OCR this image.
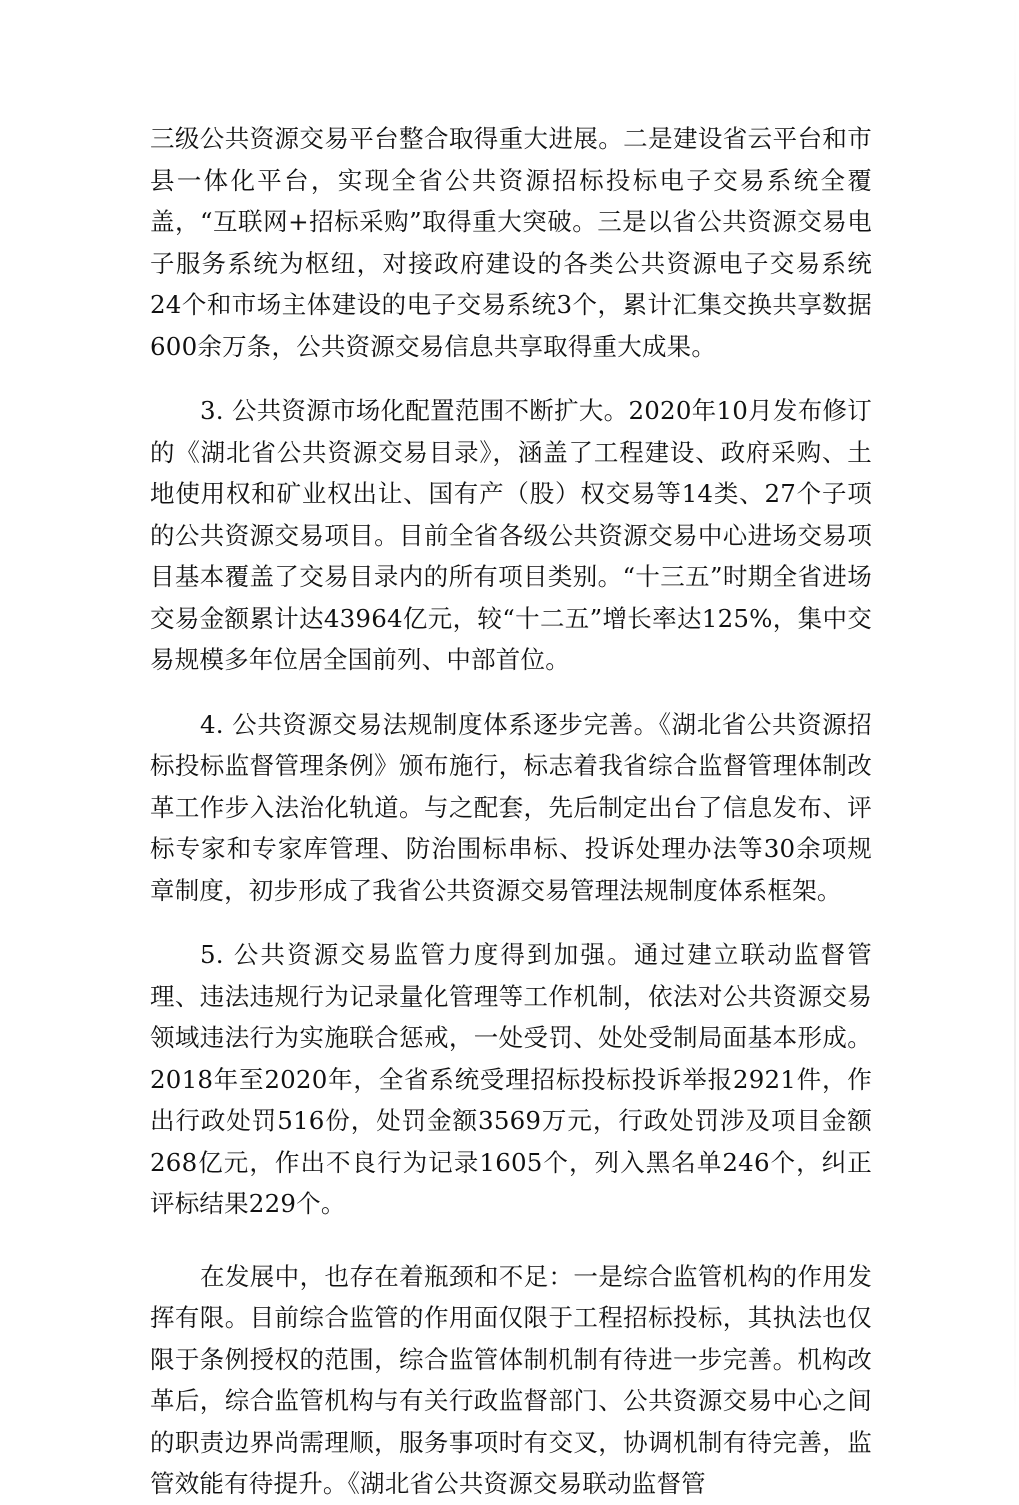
三级公共资源交易平台整合取得重大进展。二是建设省云平台和市县一体化平台，实现全省公共资源招标投标电子交易系统全覆盖，“互联网+招标采购”取得重大突破。三是以省公共资源交易电子服务系统为枢纽，对接政府建设的各类公共资源电子交易系统24个和市场主体建设的电子交易系统3个，累计汇集交换共享数据600余万条，公共资源交易信息共享取得重大成果。

3. 公共资源市场化配置范围不断扩大。2020年10月发布修订的《湖北省公共资源交易目录》，涵盖了工程建设、政府采购、土地使用权和矿业权出让、国有产（股）权交易等14类、27个子项的公共资源交易项目。目前全省各级公共资源交易中心进场交易项目基本覆盖了交易目录内的所有项目类别。“十三五”时期全省进场交易金额累计达43964亿元，较“十二五”增长率达125%，集中交易规模多年位居全国前列、中部首位。

4. 公共资源交易法规制度体系逐步完善。《湖北省公共资源招标投标监督管理条例》颁布施行，标志着我省综合监督管理体制改革工作步入法治化轨道。与之配套，先后制定出台了信息发布、评标专家和专家库管理、防治围标串标、投诉处理办法等30余项规章制度，初步形成了我省公共资源交易管理法规制度体系框架。

5. 公共资源交易监管力度得到加强。通过建立联动监督管理、违法违规行为记录量化管理等工作机制，依法对公共资源交易领域违法行为实施联合惩戒，一处受罚、处处受制局面基本形成。2018年至2020年，全省系统受理招标投标投诉举报2921件，作出行政处罚516份，处罚金额3569万元，行政处罚涉及项目金额268亿元，作出不良行为记录1605个，列入黑名单246个，纠正评标结果229个。

在发展中，也存在着瓶颈和不足：一是综合监管机构的作用发挥有限。目前综合监管的作用面仅限于工程招标投标，其执法也仅限于条例授权的范围，综合监管体制机制有待进一步完善。机构改革后，综合监管机构与有关行政监督部门、公共资源交易中心之间的职责边界尚需理顺，服务事项时有交叉，协调机制有待完善，监管效能有待提升。《湖北省公共资源交易联动监督管
